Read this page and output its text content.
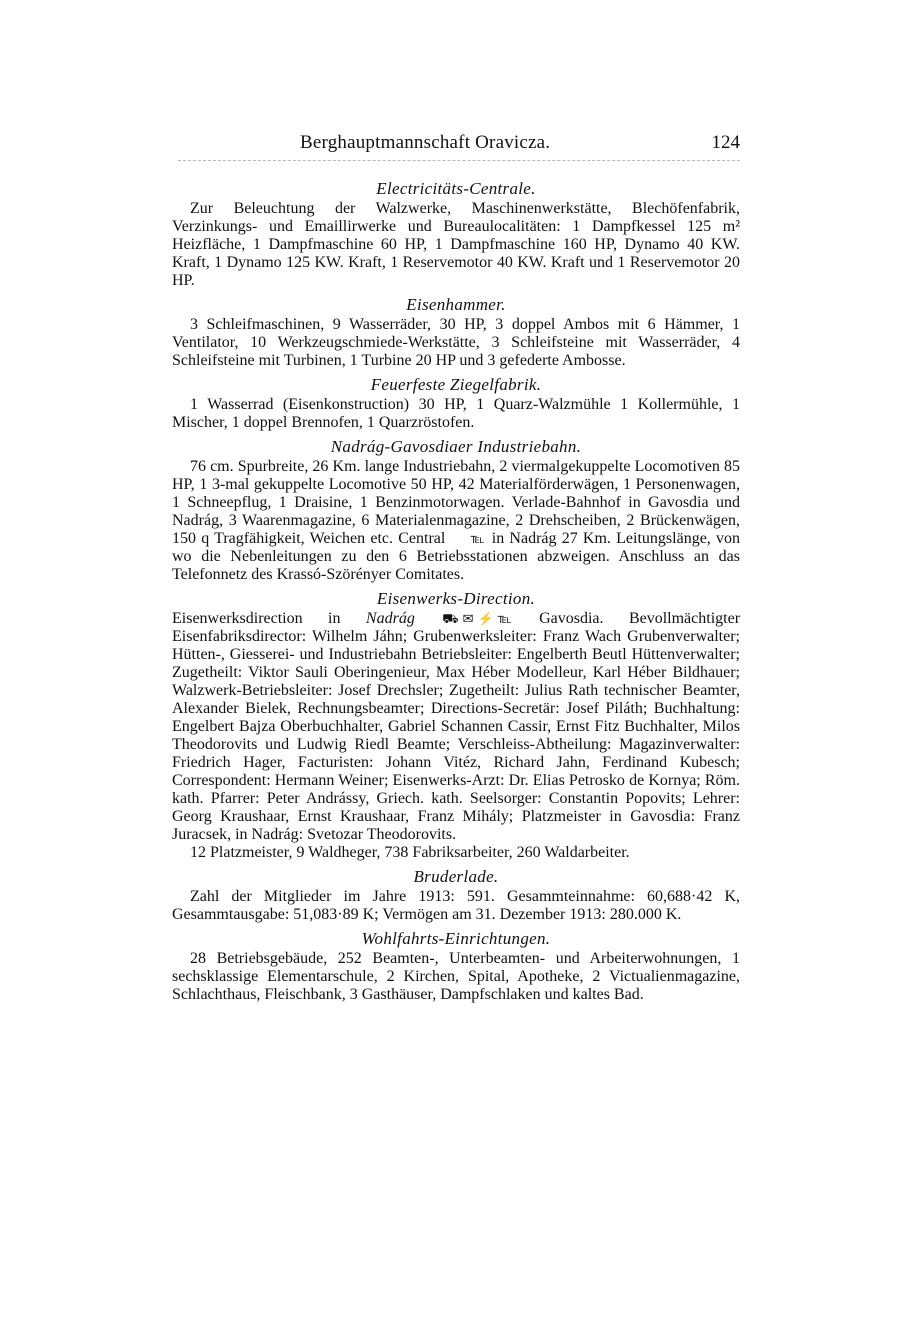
Berghauptmannschaft Oravicza.	124
Electricitäts-Centrale.

Zur Beleuchtung der Walzwerke, Maschinenwerkstätte, Blechöfenfabrik, Verzinkungs- und Emaillirwerke und Bureaulocalitäten: 1 Dampfkessel 125 m² Heizfläche, 1 Dampfmaschine 60 HP, 1 Dampfmaschine 160 HP, Dynamo 40 KW. Kraft, 1 Dynamo 125 KW. Kraft, 1 Reservemotor 40 KW. Kraft und 1 Reservemotor 20 HP.

Eisenhammer.

3 Schleifmaschinen, 9 Wasserräder, 30 HP, 3 doppel Ambos mit 6 Hämmer, 1 Ventilator, 10 Werkzeugschmiede-Werkstätte, 3 Schleifsteine mit Wasserräder, 4 Schleifsteine mit Turbinen, 1 Turbine 20 HP und 3 gefederte Ambosse.

Feuerfeste Ziegelfabrik.

1 Wasserrad (Eisenkonstruction) 30 HP, 1 Quarz-Walzmühle 1 Kollermühle, 1 Mischer, 1 doppel Brennofen, 1 Quarzröstofen.

Nadrág-Gavosdiaer Industriebahn.

76 cm. Spurbreite, 26 Km. lange Industriebahn, 2 viermalgekuppelte Locomotiven 85 HP, 1 3-mal gekuppelte Locomotive 50 HP, 42 Materialförderwägen, 1 Personenwagen, 1 Schneepflug, 1 Draisine, 1 Benzinmotorwagen. Verlade-Bahnhof in Gavosdia und Nadrág, 3 Waarenmagazine, 6 Materialenmagazine, 2 Drehscheiben, 2 Brückenwägen, 150 q Tragfähigkeit, Weichen etc. Central ℡ in Nadrág 27 Km. Leitungslänge, von wo die Nebenleitungen zu den 6 Betriebsstationen abzweigen. Anschluss an das Telefonnetz des Krassó-Szörényer Comitates.

Eisenwerks-Direction.

Eisenwerksdirection in Nadrág ⛟ ✉ ⚡ ℡ Gavosdia. Bevollmächtigter Eisenfabriksdirector: Wilhelm Jáhn; Grubenwerksleiter: Franz Wach Grubenverwalter; Hütten-, Giesserei- und Industriebahn Betriebsleiter: Engelberth Beutl Hüttenverwalter; Zugetheilt: Viktor Sauli Oberingenieur, Max Héber Modelleur, Karl Héber Bildhauer; Walzwerk-Betriebsleiter: Josef Drechsler; Zugetheilt: Julius Rath technischer Beamter, Alexander Bielek, Rechnungsbeamter; Directions-Secretär: Josef Piláth; Buchhaltung: Engelbert Bajza Oberbuchhalter, Gabriel Schannen Cassir, Ernst Fitz Buchhalter, Milos Theodorovits und Ludwig Riedl Beamte; Verschleiss-Abtheilung: Magazinverwalter: Friedrich Hager, Facturisten: Johann Vitéz, Richard Jahn, Ferdinand Kubesch; Correspondent: Hermann Weiner; Eisenwerks-Arzt: Dr. Elias Petrosko de Kornya; Röm. kath. Pfarrer: Peter Andrássy, Griech. kath. Seelsorger: Constantin Popovits; Lehrer: Georg Kraushaar, Ernst Kraushaar, Franz Mihály; Platzmeister in Gavosdia: Franz Juracsek, in Nadrág: Svetozar Theodorovits.

12 Platzmeister, 9 Waldheger, 738 Fabriksarbeiter, 260 Waldarbeiter.

Bruderlade.

Zahl der Mitglieder im Jahre 1913: 591. Gesammteinnahme: 60,688·42 K, Gesammtausgabe: 51,083·89 K; Vermögen am 31. Dezember 1913: 280.000 K.

Wohlfahrts-Einrichtungen.

28 Betriebsgebäude, 252 Beamten-, Unterbeamten- und Arbeiterwohnungen, 1 sechsklassige Elementarschule, 2 Kirchen, Spital, Apotheke, 2 Victualienmagazine, Schlachthaus, Fleischbank, 3 Gasthäuser, Dampfschlaken und kaltes Bad.
